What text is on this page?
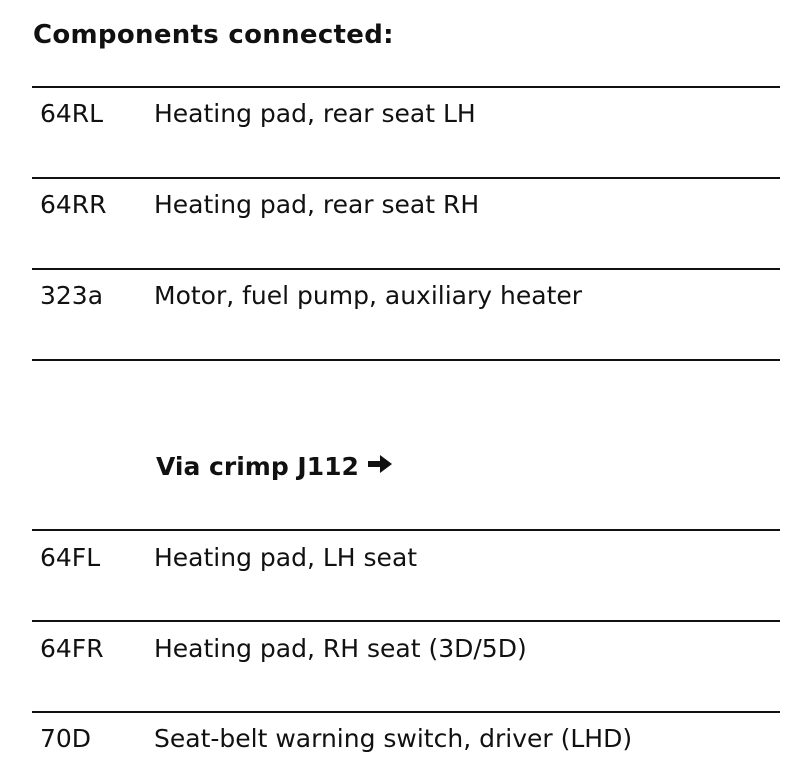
Components connected:
64RL Heating pad, rear seat LH
64RR Heating pad, rear seat RH
323a Motor, fuel pump, auxiliary heater
Via crimp J112
64FL Heating pad, LH seat
64FR Heating pad, RH seat (3D/5D)
70D	Seat-belt warning switch, driver (LHD)
